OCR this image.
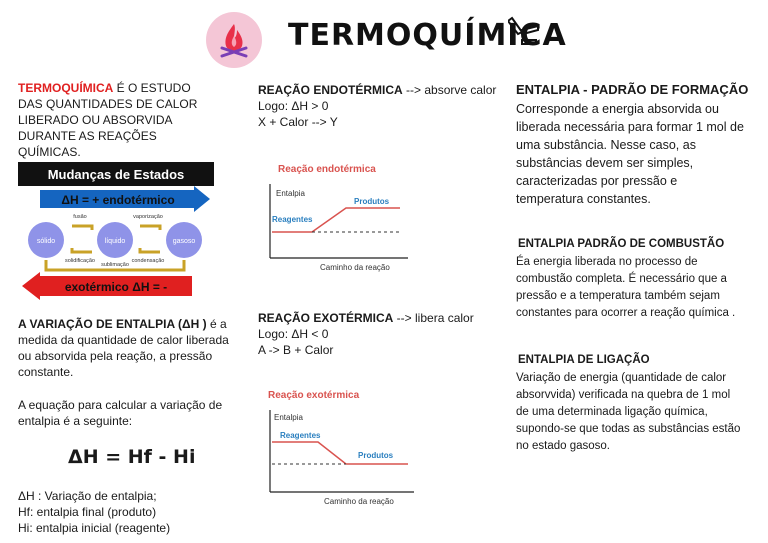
TERMOQUÍMICA
TERMOQUÍMICA É O ESTUDO DAS QUANTIDADES DE CALOR LIBERADO OU ABSORVIDA DURANTE AS REAÇÕES QUÍMICAS.
Mudanças de Estados
ΔH = + endotérmico
fusão	vaporização
sólido	líquido	gasoso
solidificação	condensação
sublimação
exotérmico ΔH = -
A VARIAÇÃO DE ENTALPIA (ΔH ) é a medida da quantidade de calor liberada ou absorvida pela reação, a pressão constante.
A equação para calcular a variação de entalpia é a seguinte:
ΔH = Hf - Hi
ΔH : Variação de entalpia;
Hf: entalpia final (produto)
Hi: entalpia inicial (reagente)
REAÇÃO ENDOTÉRMICA --> absorve calor
Logo: ΔH > 0
X + Calor --> Y
Reação endotérmica
Entalpia
Reagentes
Produtos
Caminho da reação
REAÇÃO EXOTÉRMICA --> libera calor
Logo: ΔH < 0
A -> B + Calor
Reação exotérmica
Entalpia
Reagentes
Produtos
Caminho da reação
ENTALPIA - PADRÃO DE FORMAÇÃO
Corresponde a energia absorvida ou liberada necessária para formar 1 mol de uma substância. Nesse caso, as substâncias devem ser simples, caracterizadas por pressão e temperatura constantes.
ENTALPIA PADRÃO DE COMBUSTÃO
Éa energia liberada no processo de combustão completa. É necessário que a pressão e a temperatura também sejam constantes para ocorrer a reação química .
ENTALPIA DE LIGAÇÃO
Variação de energia (quantidade de calor absorvvida) verificada na quebra de 1 mol de uma determinada ligação química, supondo-se que todas as substâncias estão no estado gasoso.
